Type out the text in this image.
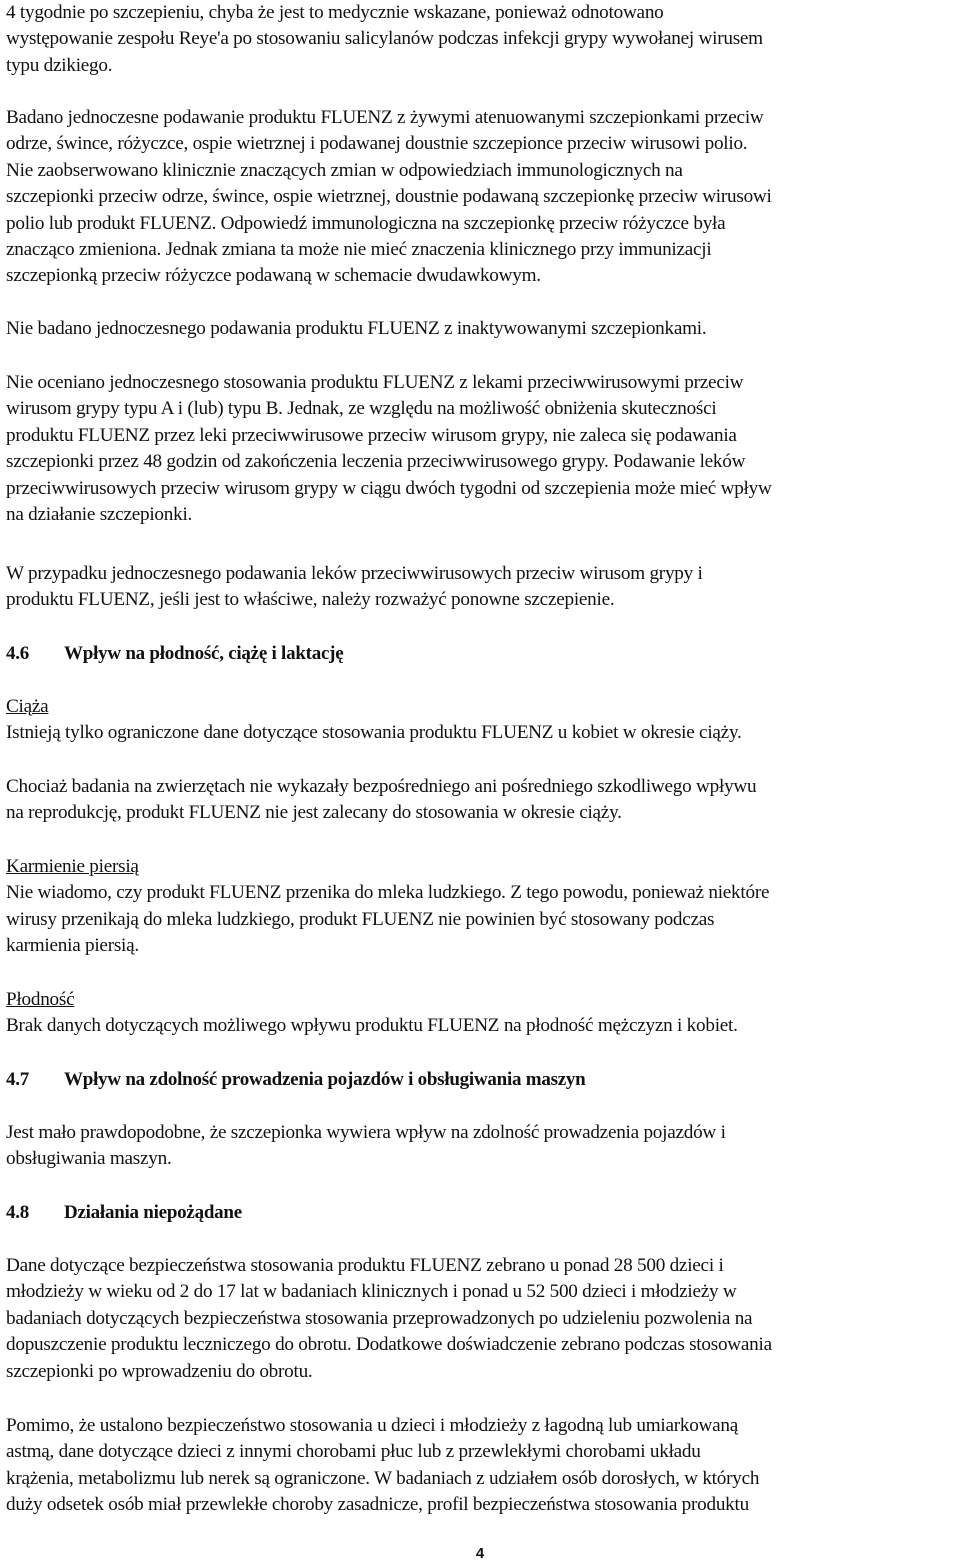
4 tygodnie po szczepieniu, chyba że jest to medycznie wskazane, ponieważ odnotowano
występowanie zespołu Reye'a po stosowaniu salicylanów podczas infekcji grypy wywołanej wirusem
typu dzikiego.

Badano jednoczesne podawanie produktu FLUENZ z żywymi atenuowanymi szczepionkami przeciw
odrze, śwince, różyczce, ospie wietrznej i podawanej doustnie szczepionce przeciw wirusowi polio.
Nie zaobserwowano klinicznie znaczących zmian w odpowiedziach immunologicznych na
szczepionki przeciw odrze, śwince, ospie wietrznej, doustnie podawaną szczepionkę przeciw wirusowi
polio lub produkt FLUENZ. Odpowiedź immunologiczna na szczepionkę przeciw różyczce była
znacząco zmieniona. Jednak zmiana ta może nie mieć znaczenia klinicznego przy immunizacji
szczepionką przeciw różyczce podawaną w schemacie dwudawkowym.

Nie badano jednoczesnego podawania produktu FLUENZ z inaktywowanymi szczepionkami.

Nie oceniano jednoczesnego stosowania produktu FLUENZ z lekami przeciwwirusowymi przeciw
wirusom grypy typu A i (lub) typu B. Jednak, ze względu na możliwość obniżenia skuteczności
produktu FLUENZ przez leki przeciwwirusowe przeciw wirusom grypy, nie zaleca się podawania
szczepionki przez 48 godzin od zakończenia leczenia przeciwwirusowego grypy. Podawanie leków
przeciwwirusowych przeciw wirusom grypy w ciągu dwóch tygodni od szczepienia może mieć wpływ
na działanie szczepionki.

W przypadku jednoczesnego podawania leków przeciwwirusowych przeciw wirusom grypy i
produktu FLUENZ, jeśli jest to właściwe, należy rozważyć ponowne szczepienie.

4.6 Wpływ na płodność, ciążę i laktację

Ciąża
Istnieją tylko ograniczone dane dotyczące stosowania produktu FLUENZ u kobiet w okresie ciąży.

Chociaż badania na zwierzętach nie wykazały bezpośredniego ani pośredniego szkodliwego wpływu
na reprodukcję, produkt FLUENZ nie jest zalecany do stosowania w okresie ciąży.

Karmienie piersią
Nie wiadomo, czy produkt FLUENZ przenika do mleka ludzkiego. Z tego powodu, ponieważ niektóre
wirusy przenikają do mleka ludzkiego, produkt FLUENZ nie powinien być stosowany podczas
karmienia piersią.

Płodność
Brak danych dotyczących możliwego wpływu produktu FLUENZ na płodność mężczyzn i kobiet.

4.7 Wpływ na zdolność prowadzenia pojazdów i obsługiwania maszyn

Jest mało prawdopodobne, że szczepionka wywiera wpływ na zdolność prowadzenia pojazdów i
obsługiwania maszyn.

4.8 Działania niepożądane

Dane dotyczące bezpieczeństwa stosowania produktu FLUENZ zebrano u ponad 28 500 dzieci i
młodzieży w wieku od 2 do 17 lat w badaniach klinicznych i ponad u 52 500 dzieci i młodzieży w
badaniach dotyczących bezpieczeństwa stosowania przeprowadzonych po udzieleniu pozwolenia na
dopuszczenie produktu leczniczego do obrotu. Dodatkowe doświadczenie zebrano podczas stosowania
szczepionki po wprowadzeniu do obrotu.

Pomimo, że ustalono bezpieczeństwo stosowania u dzieci i młodzieży z łagodną lub umiarkowaną
astmą, dane dotyczące dzieci z innymi chorobami płuc lub z przewlekłymi chorobami układu
krążenia, metabolizmu lub nerek są ograniczone. W badaniach z udziałem osób dorosłych, w których
duży odsetek osób miał przewlekłe choroby zasadnicze, profil bezpieczeństwa stosowania produktu

4
